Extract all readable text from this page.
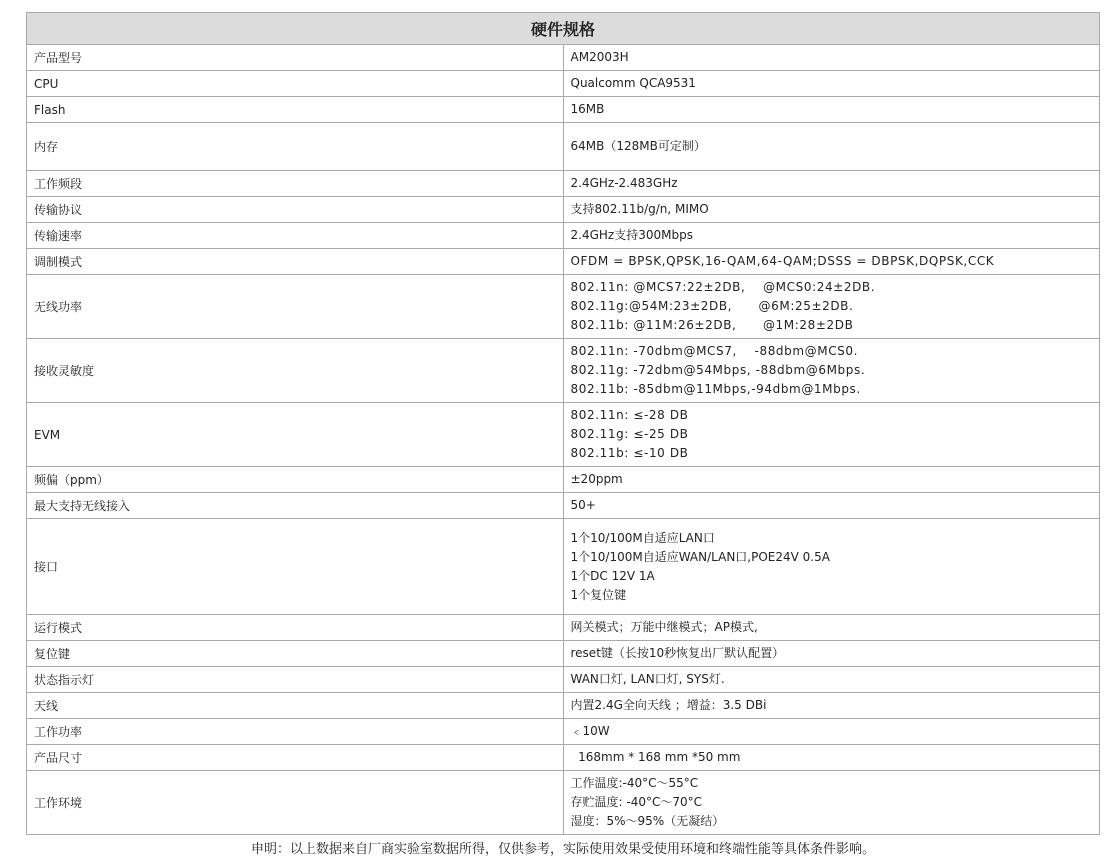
硬件规格	
产品型号	AM2003H

CPU	Qualcomm QCA9531

Flash	16MB

内存	64MB（128MB可定制）

工作频段	2.4GHz-2.483GHz

传输协议	支持802.11b/g/n, MIMO

传输速率	2.4GHz支持300Mbps

调制模式	OFDM = BPSK,QPSK,16-QAM,64-QAM;DSSS = DBPSK,DQPSK,CCK

无线功率	802.11n: @MCS7:22±2DB,    @MCS0:24±2DB.
802.11g:@54M:23±2DB,      @6M:25±2DB.
802.11b: @11M:26±2DB,      @1M:28±2DB

接收灵敏度	802.11n: -70dbm@MCS7,    -88dbm@MCS0.
802.11g: -72dbm@54Mbps, -88dbm@6Mbps.
802.11b: -85dbm@11Mbps,-94dbm@1Mbps.

EVM	802.11n: ≤-28 DB
802.11g: ≤-25 DB
802.11b: ≤-10 DB

频偏（ppm）	±20ppm

最大支持无线接入	50+

接口	1个10/100M自适应LAN口
1个10/100M自适应WAN/LAN口,POE24V 0.5A
1个DC 12V 1A
1个复位键

运行模式	网关模式；万能中继模式；AP模式,

复位键	reset键（长按10秒恢复出厂默认配置）

状态指示灯	WAN口灯, LAN口灯, SYS灯.

天线	内置2.4G全向天线 ；增益：3.5 DBi

工作功率	﹤10W

产品尺寸	168mm * 168 mm *50 mm

工作环境	工作温度:-40°C～55°C
存贮温度: -40°C～70°C
湿度：5%～95%（无凝结）
申明：以上数据来自厂商实验室数据所得，仅供参考，实际使用效果受使用环境和终端性能等具体条件影响。
